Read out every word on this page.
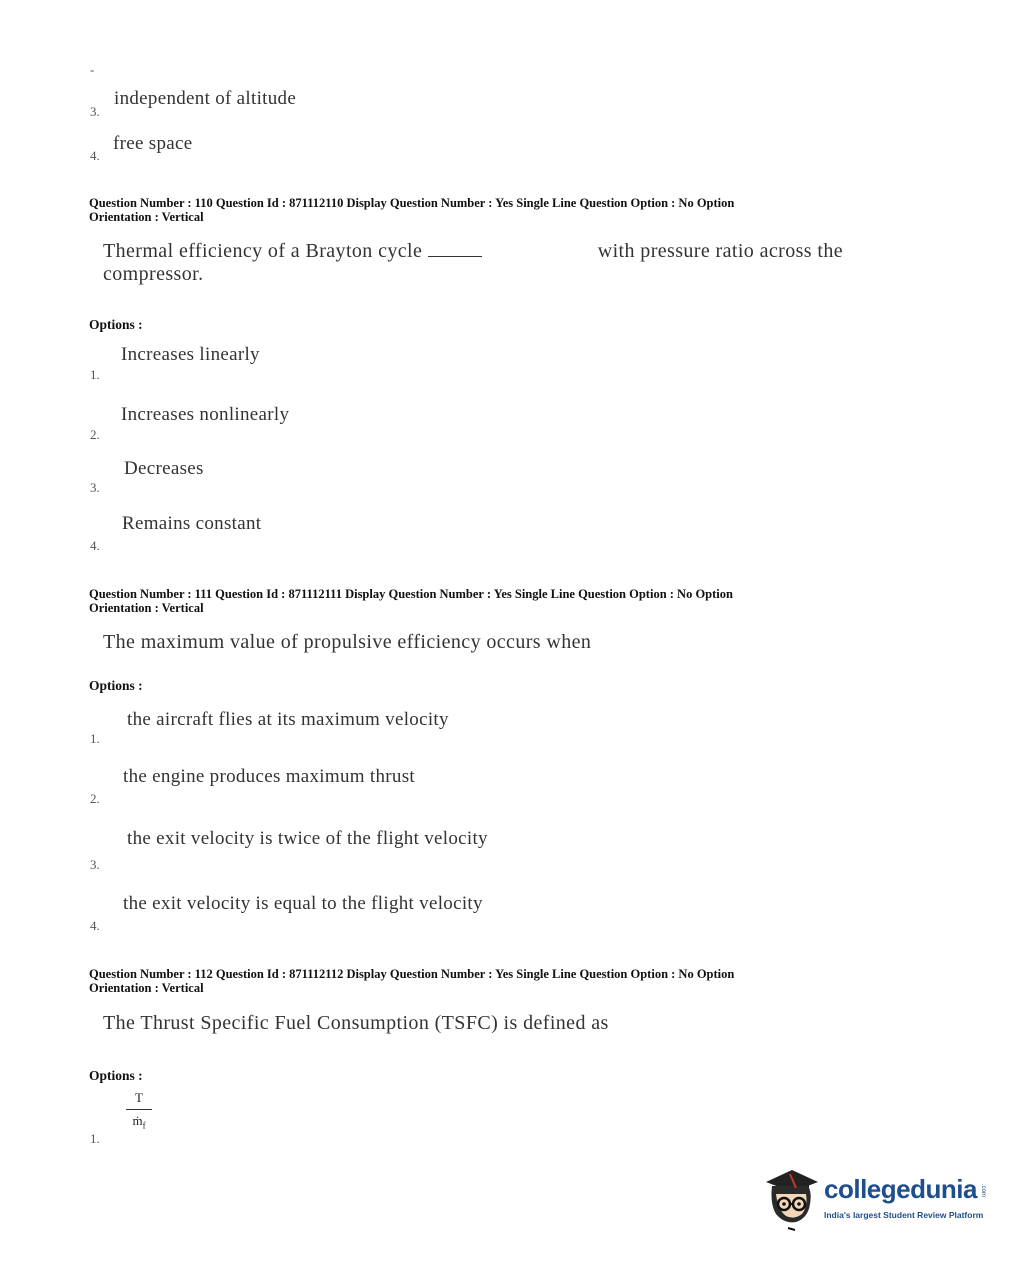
-
3.
independent of altitude
4.
free space
Question Number : 110 Question Id : 871112110 Display Question Number : Yes Single Line Question Option : No Option
Orientation : Vertical
Thermal efficiency of a Brayton cycle	with pressure ratio across the
compressor.
Options :
Increases linearly
1.
Increases nonlinearly
2.
Decreases
3.
Remains constant
4.
Question Number : 111 Question Id : 871112111 Display Question Number : Yes Single Line Question Option : No Option
Orientation : Vertical
The maximum value of propulsive efficiency occurs when
Options :
the aircraft flies at its maximum velocity
1.
the engine produces maximum thrust
2.
the exit velocity is twice of the flight velocity
3.
the exit velocity is equal to the flight velocity
4.
Question Number : 112 Question Id : 871112112 Display Question Number : Yes Single Line Question Option : No Option
Orientation : Vertical
The Thrust Specific Fuel Consumption (TSFC) is defined as
Options :
$\frac{T}{ṁ_f}$
1.
collegedunia .com
India's largest Student Review Platform
